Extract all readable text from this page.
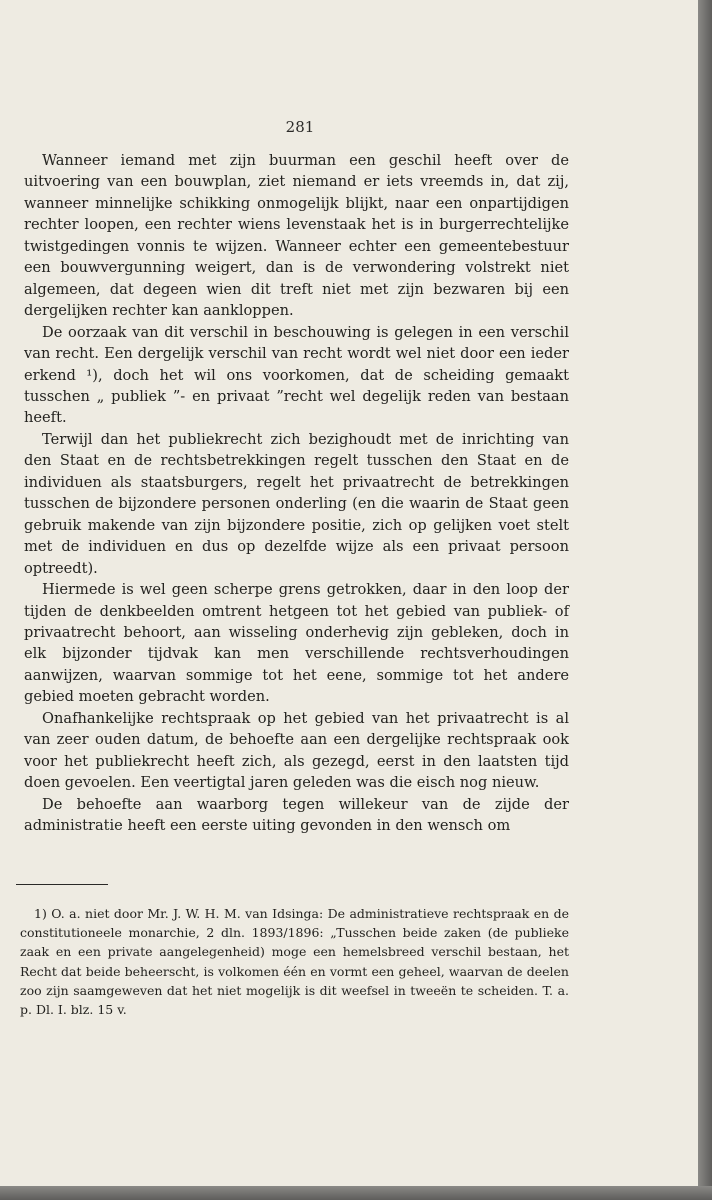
281

Wanneer iemand met zijn buurman een geschil heeft over de uitvoering van een bouwplan, ziet niemand er iets vreemds in, dat zij, wanneer minnelijke schikking onmogelijk blijkt, naar een onpartijdigen rechter loopen, een rechter wiens levenstaak het is in burgerrechtelijke twistgedingen vonnis te wijzen. Wanneer echter een gemeentebestuur een bouwvergunning weigert, dan is de verwondering volstrekt niet algemeen, dat degeen wien dit treft niet met zijn bezwaren bij een dergelijken rechter kan aankloppen.

De oorzaak van dit verschil in beschouwing is gelegen in een verschil van recht. Een dergelijk verschil van recht wordt wel niet door een ieder erkend ¹), doch het wil ons voorkomen, dat de scheiding gemaakt tusschen „ publiek ”- en privaat ”recht wel degelijk reden van bestaan heeft.

Terwijl dan het publiekrecht zich bezighoudt met de inrichting van den Staat en de rechtsbetrekkingen regelt tusschen den Staat en de individuen als staatsburgers, regelt het privaatrecht de betrekkingen tusschen de bijzondere personen onderling (en die waarin de Staat geen gebruik makende van zijn bijzondere positie, zich op gelijken voet stelt met de individuen en dus op dezelfde wijze als een privaat persoon optreedt).

Hiermede is wel geen scherpe grens getrokken, daar in den loop der tijden de denkbeelden omtrent hetgeen tot het gebied van publiek- of privaatrecht behoort, aan wisseling onderhevig zijn gebleken, doch in elk bijzonder tijdvak kan men verschillende rechtsverhoudingen aanwijzen, waarvan sommige tot het eene, sommige tot het andere gebied moeten gebracht worden.

Onafhankelijke rechtspraak op het gebied van het privaatrecht is al van zeer ouden datum, de behoefte aan een dergelijke rechtspraak ook voor het publiekrecht heeft zich, als gezegd, eerst in den laatsten tijd doen gevoelen. Een veertigtal jaren geleden was die eisch nog nieuw.

De behoefte aan waarborg tegen willekeur van de zijde der administratie heeft een eerste uiting gevonden in den wensch om

1) O. a. niet door Mr. J. W. H. M. van Idsinga: De administratieve rechtspraak en de constitutioneele monarchie, 2 dln. 1893/1896: „Tusschen beide zaken (de publieke zaak en een private aangelegenheid) moge een hemelsbreed verschil bestaan, het Recht dat beide beheerscht, is volkomen één en vormt een geheel, waarvan de deelen zoo zijn saamgeweven dat het niet mogelijk is dit weefsel in tweeën te scheiden. T. a. p. Dl. I. blz. 15 v.
